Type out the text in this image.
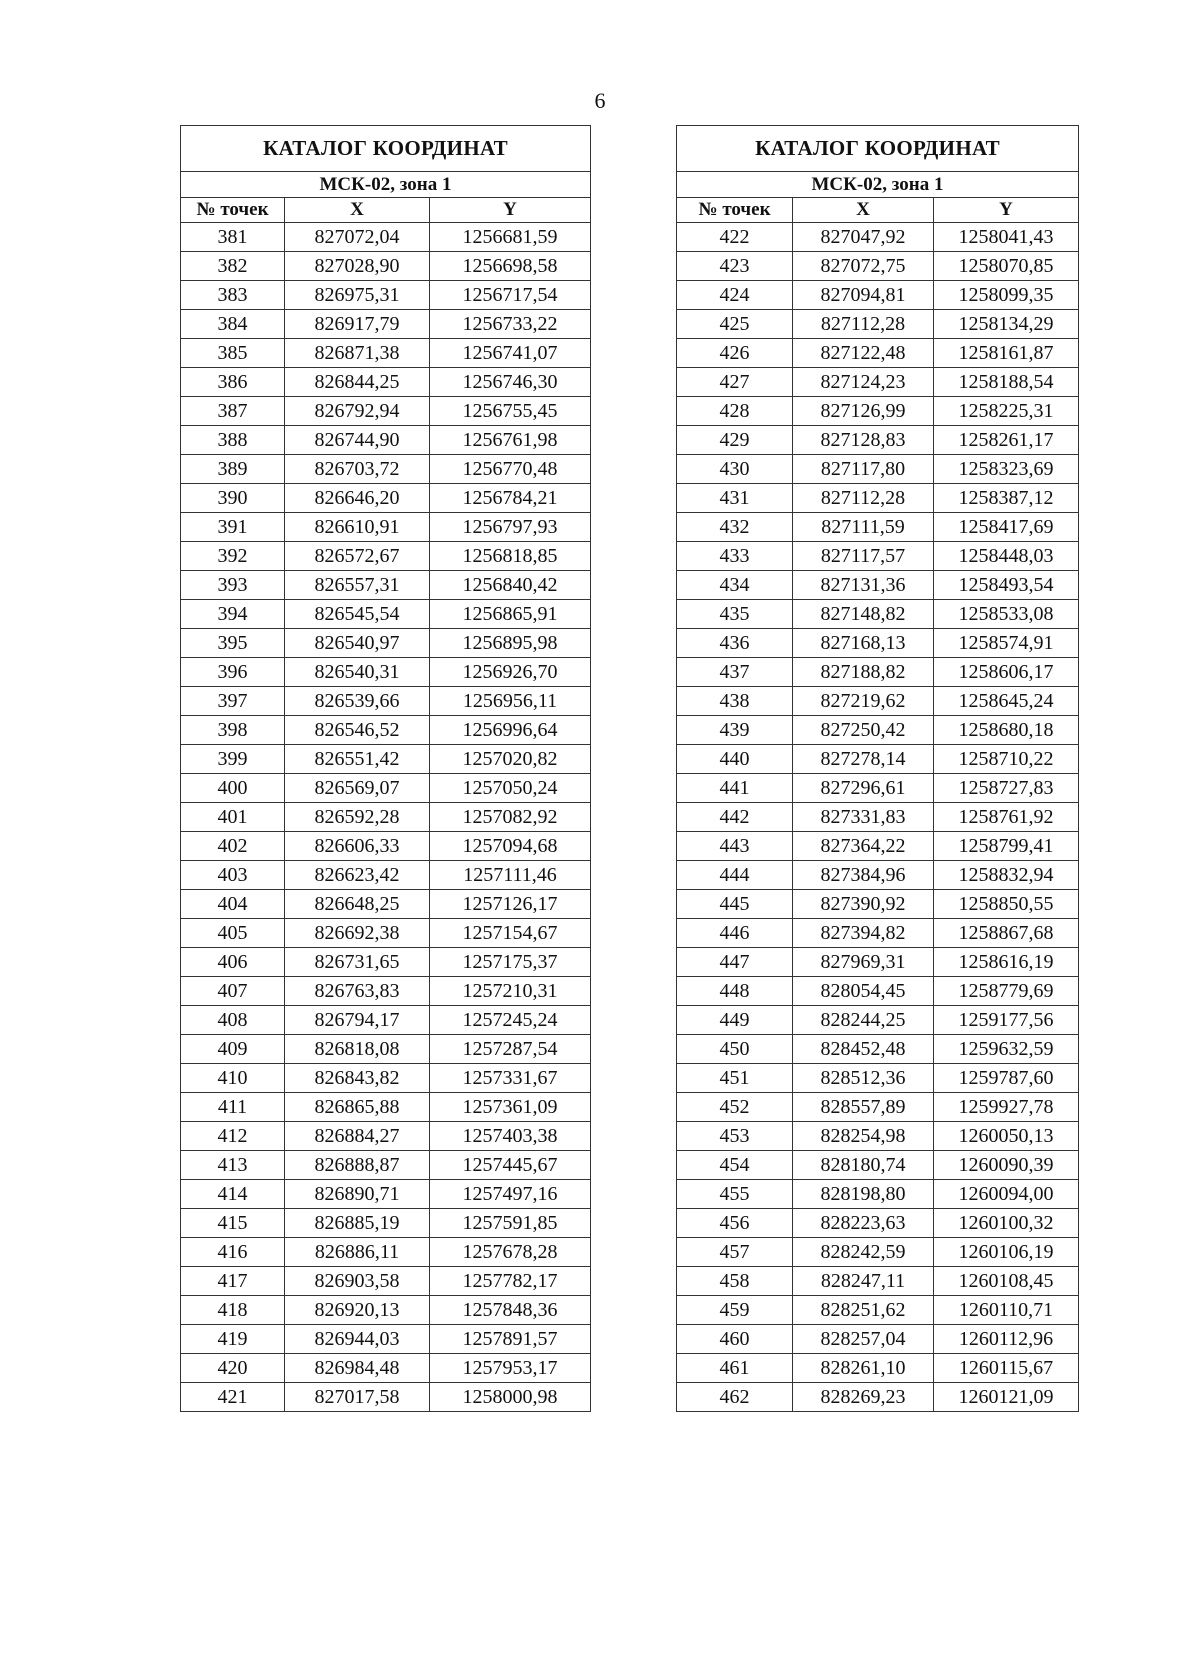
6
КАТАЛОГ КООРДИНАТ		
МСК-02, зона 1		
№ точек	X	Y
381	827072,04	1256681,59
382	827028,90	1256698,58
383	826975,31	1256717,54
384	826917,79	1256733,22
385	826871,38	1256741,07
386	826844,25	1256746,30
387	826792,94	1256755,45
388	826744,90	1256761,98
389	826703,72	1256770,48
390	826646,20	1256784,21
391	826610,91	1256797,93
392	826572,67	1256818,85
393	826557,31	1256840,42
394	826545,54	1256865,91
395	826540,97	1256895,98
396	826540,31	1256926,70
397	826539,66	1256956,11
398	826546,52	1256996,64
399	826551,42	1257020,82
400	826569,07	1257050,24
401	826592,28	1257082,92
402	826606,33	1257094,68
403	826623,42	1257111,46
404	826648,25	1257126,17
405	826692,38	1257154,67
406	826731,65	1257175,37
407	826763,83	1257210,31
408	826794,17	1257245,24
409	826818,08	1257287,54
410	826843,82	1257331,67
411	826865,88	1257361,09
412	826884,27	1257403,38
413	826888,87	1257445,67
414	826890,71	1257497,16
415	826885,19	1257591,85
416	826886,11	1257678,28
417	826903,58	1257782,17
418	826920,13	1257848,36
419	826944,03	1257891,57
420	826984,48	1257953,17
421	827017,58	1258000,98
КАТАЛОГ КООРДИНАТ		
МСК-02, зона 1		
№ точек	X	Y
422	827047,92	1258041,43
423	827072,75	1258070,85
424	827094,81	1258099,35
425	827112,28	1258134,29
426	827122,48	1258161,87
427	827124,23	1258188,54
428	827126,99	1258225,31
429	827128,83	1258261,17
430	827117,80	1258323,69
431	827112,28	1258387,12
432	827111,59	1258417,69
433	827117,57	1258448,03
434	827131,36	1258493,54
435	827148,82	1258533,08
436	827168,13	1258574,91
437	827188,82	1258606,17
438	827219,62	1258645,24
439	827250,42	1258680,18
440	827278,14	1258710,22
441	827296,61	1258727,83
442	827331,83	1258761,92
443	827364,22	1258799,41
444	827384,96	1258832,94
445	827390,92	1258850,55
446	827394,82	1258867,68
447	827969,31	1258616,19
448	828054,45	1258779,69
449	828244,25	1259177,56
450	828452,48	1259632,59
451	828512,36	1259787,60
452	828557,89	1259927,78
453	828254,98	1260050,13
454	828180,74	1260090,39
455	828198,80	1260094,00
456	828223,63	1260100,32
457	828242,59	1260106,19
458	828247,11	1260108,45
459	828251,62	1260110,71
460	828257,04	1260112,96
461	828261,10	1260115,67
462	828269,23	1260121,09
